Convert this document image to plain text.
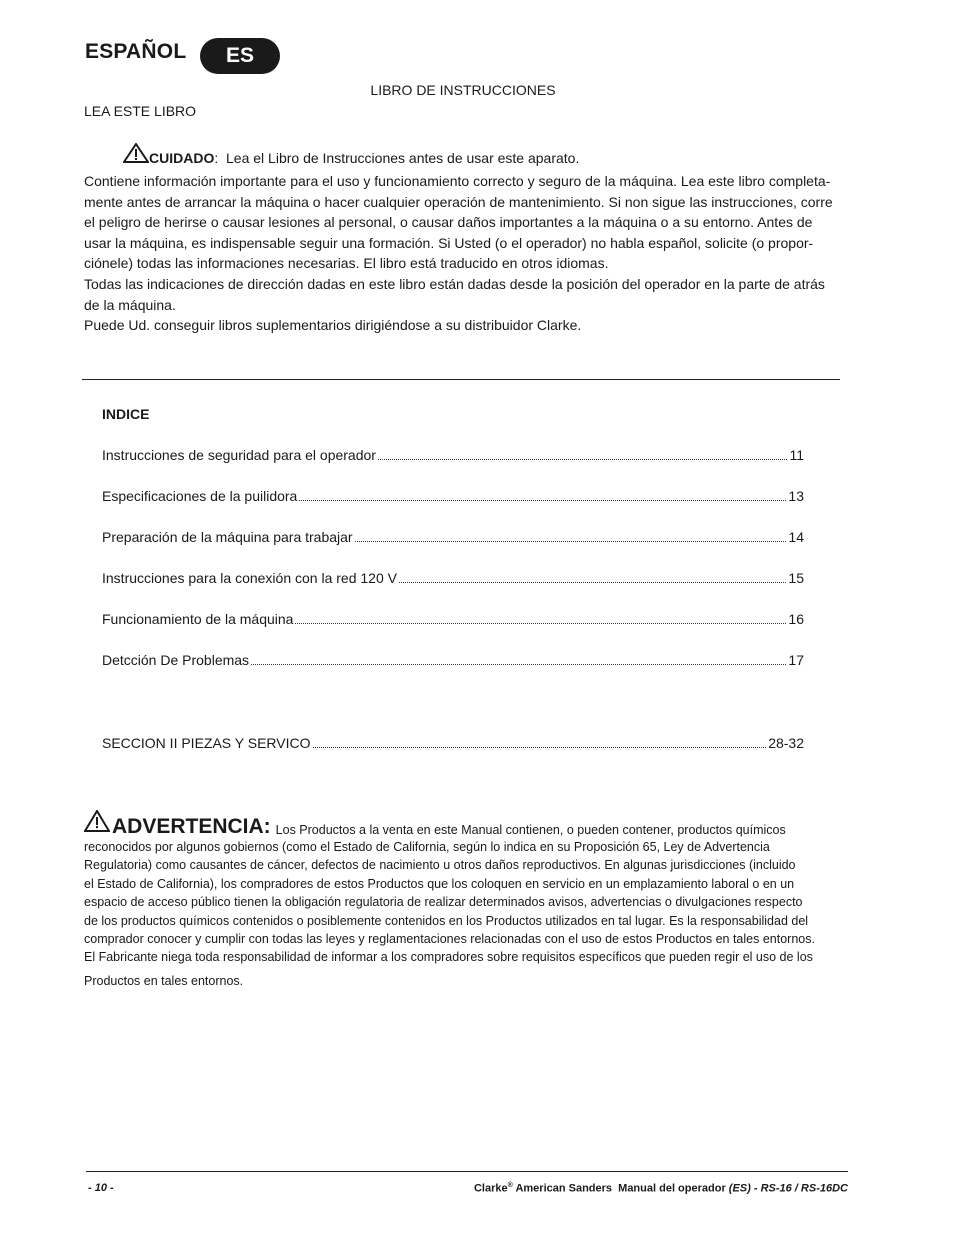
ESPAÑOL	ES
LIBRO DE INSTRUCCIONES
LEA ESTE LIBRO
CUIDADO :  Lea el Libro de Instrucciones antes de usar este aparato.
Contiene información importante para el uso y funcionamiento correcto y seguro de la máquina. Lea este libro completa-
mente antes de arrancar la máquina o hacer cualquier operación de mantenimiento. Si non sigue las instrucciones, corre
el peligro de herirse o causar lesiones al personal, o causar daños importantes a la máquina o a su entorno. Antes de
usar la máquina, es indispensable seguir una formación. Si Usted (o el operador) no habla español, solicite (o propor-
ciónele) todas las informaciones necesarias. El libro está traducido en otros idiomas.
Todas las indicaciones de dirección dadas en este libro están dadas desde la posición del operador en la parte de atrás
de la máquina.
Puede Ud. conseguir libros suplementarios dirigiéndose a su distribuidor Clarke.
INDICE
Instrucciones de seguridad para el operador	11
Especificaciones de la puilidora	13
Preparación de la máquina para trabajar	14
Instrucciones para la conexión con la red 120 V	15
Funcionamiento de la máquina	16
Detcción De Problemas	17
SECCION II PIEZAS Y SERVICO	28-32
ADVERTENCIA: Los Productos a la venta en este Manual contienen, o pueden contener, productos químicos
reconocidos por algunos gobiernos (como el Estado de California, según lo indica en su Proposición 65, Ley de Advertencia
Regulatoria) como causantes de cáncer, defectos de nacimiento u otros daños reproductivos. En algunas jurisdicciones (incluido
el Estado de California), los compradores de estos Productos que los coloquen en servicio en un emplazamiento laboral o en un
espacio de acceso público tienen la obligación regulatoria de realizar determinados avisos, advertencias o divulgaciones respecto
de los productos químicos contenidos o posiblemente contenidos en los Productos utilizados en tal lugar. Es la responsabilidad del
comprador conocer y cumplir con todas las leyes y reglamentaciones relacionadas con el uso de estos Productos en tales entornos.
El Fabricante niega toda responsabilidad de informar a los compradores sobre requisitos específicos que pueden regir el uso de los
Productos en tales entornos.
- 10 -	Clarke® American Sanders  Manual del operador (ES) - RS-16 / RS-16DC
